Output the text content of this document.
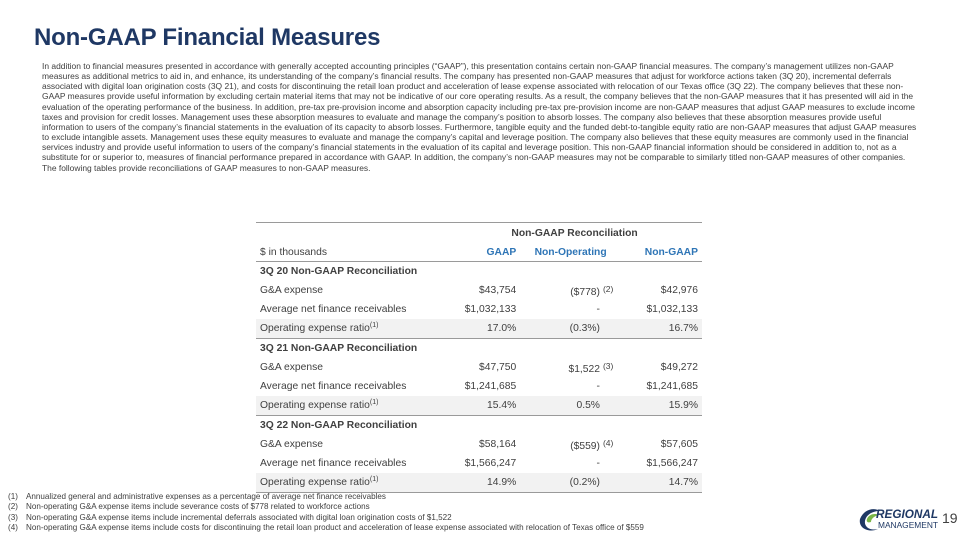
Non-GAAP Financial Measures

In addition to financial measures presented in accordance with generally accepted accounting principles (“GAAP”), this presentation contains certain non-GAAP financial measures. The company’s management utilizes non-GAAP measures as additional metrics to aid in, and enhance, its understanding of the company’s financial results. The company has presented non-GAAP measures that adjust for workforce actions taken (3Q 20), incremental deferrals associated with digital loan origination costs (3Q 21), and costs for discontinuing the retail loan product and acceleration of lease expense associated with relocation of our Texas office (3Q 22). The company believes that these non-GAAP measures provide useful information by excluding certain material items that may not be indicative of our core operating results. As a result, the company believes that the non-GAAP measures that it has presented will aid in the evaluation of the operating performance of the business. In addition, pre-tax pre-provision income and absorption capacity including pre-tax pre-provision income are non-GAAP measures that adjust GAAP measures to exclude income taxes and provision for credit losses. Management uses these absorption measures to evaluate and manage the company’s position to absorb losses. The company also believes that these absorption measures provide useful information to users of the company’s financial statements in the evaluation of its capacity to absorb losses. Furthermore, tangible equity and the funded debt-to-tangible equity ratio are non-GAAP measures that adjust GAAP measures to exclude intangible assets. Management uses these equity measures to evaluate and manage the company’s capital and leverage position. The company also believes that these equity measures are commonly used in the financial services industry and provide useful information to users of the company’s financial statements in the evaluation of its capital and leverage position. This non-GAAP financial information should be considered in addition to, not as a substitute for or superior to, measures of financial performance prepared in accordance with GAAP. In addition, the company’s non-GAAP measures may not be comparable to similarly titled non-GAAP measures of other companies. The following tables provide reconciliations of GAAP measures to non-GAAP measures.

	Non-GAAP Reconciliation		
$ in thousands	GAAP	Non-Operating	Non-GAAP
3Q 20 Non-GAAP Reconciliation			
G&A expense	$43,754	($778) (2)	$42,976
Average net finance receivables	$1,032,133	-	$1,032,133
Operating expense ratio$^{(1)}$	17.0%	(0.3%)	16.7%
3Q 21 Non-GAAP Reconciliation			
G&A expense	$47,750	$1,522 (3)	$49,272
Average net finance receivables	$1,241,685	-	$1,241,685
Operating expense ratio$^{(1)}$	15.4%	0.5%	15.9%
3Q 22 Non-GAAP Reconciliation			
G&A expense	$58,164	($559) (4)	$57,605
Average net finance receivables	$1,566,247	-	$1,566,247
Operating expense ratio$^{(1)}$	14.9%	(0.2%)	14.7%
(1) Annualized general and administrative expenses as a percentage of average net finance receivables
(2) Non-operating G&A expense items include severance costs of $778 related to workforce actions
(3) Non-operating G&A expense items include incremental deferrals associated with digital loan origination costs of $1,522
(4) Non-operating G&A expense items include costs for discontinuing the retail loan product and acceleration of lease expense associated with relocation of Texas office of $559
REGIONAL
MANAGEMENT 19
